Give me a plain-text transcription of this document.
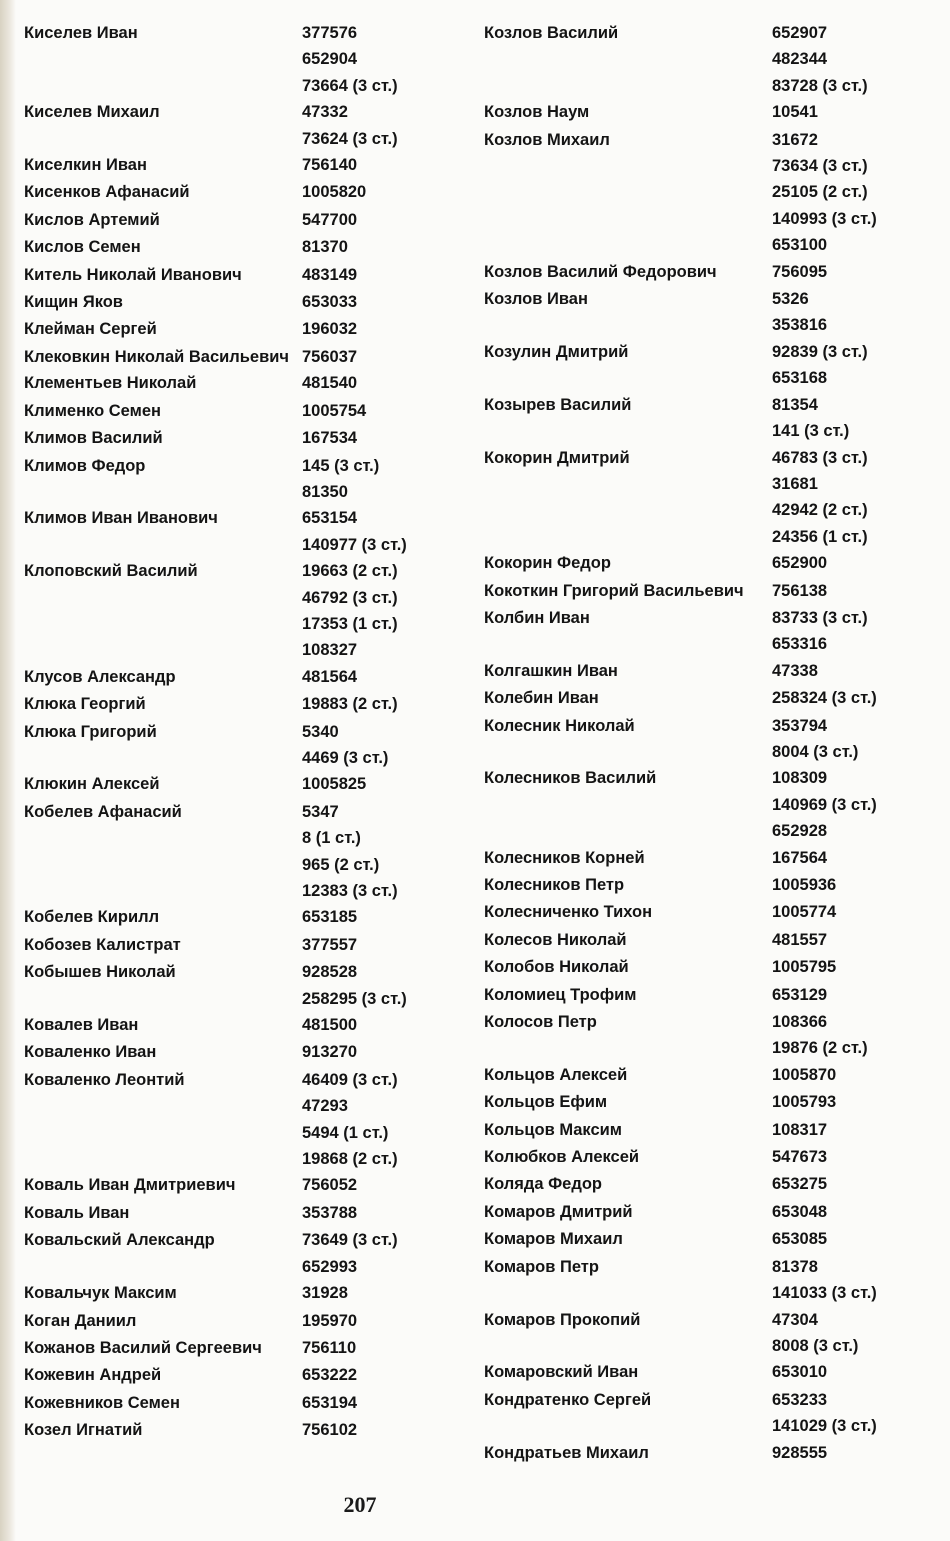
Киселев Иван	377576
652904
73664 (3 ст.)
Киселев Михаил	47332
73624 (3 ст.)
Киселкин Иван	756140
Кисенков Афанасий	1005820
Кислов Артемий	547700
Кислов Семен	81370
Китель Николай Иванович	483149
Кищин Яков	653033
Клейман Сергей	196032
Клековкин Николай Васильевич 756037
Клементьев Николай	481540
Клименко Семен	1005754
Климов Василий	167534
Климов Федор	145 (3 ст.)
81350
Климов Иван Иванович	653154
140977 (3 ст.)
Клоповский Василий	19663 (2 ст.)
46792 (3 ст.)
17353 (1 ст.)
108327
Клусов Александр	481564
Клюка Георгий	19883 (2 ст.)
Клюка Григорий	5340
4469 (3 ст.)
Клюкин Алексей	1005825
Кобелев Афанасий	5347
8 (1 ст.)
965 (2 ст.)
12383 (3 ст.)
Кобелев Кирилл	653185
Кобозев Калистрат	377557
Кобышев Николай	928528
258295 (3 ст.)
Ковалев Иван	481500
Коваленко Иван	913270
Коваленко Леонтий	46409 (3 ст.)
47293
5494 (1 ст.)
19868 (2 ст.)
Коваль Иван Дмитриевич	756052
Коваль Иван	353788
Ковальский Александр	73649 (3 ст.)
652993
Ковальчук Максим	31928
Коган Даниил	195970
Кожанов Василий Сергеевич	756110
Кожевин Андрей	653222
Кожевников Семен	653194
Козел Игнатий	756102
Козлов Василий	652907
482344
83728 (3 ст.)
Козлов Наум	10541
Козлов Михаил	31672
73634 (3 ст.)
25105 (2 ст.)
140993 (3 ст.)
653100
Козлов Василий Федорович	756095
Козлов Иван	5326
353816
Козулин Дмитрий	92839 (3 ст.)
653168
Козырев Василий	81354
141 (3 ст.)
Кокорин Дмитрий	46783 (3 ст.)
31681
42942 (2 ст.)
24356 (1 ст.)
Кокорин Федор	652900
Кокоткин Григорий Васильевич	756138
Колбин Иван	83733 (3 ст.)
653316
Колгашкин Иван	47338
Колебин Иван	258324 (3 ст.)
Колесник Николай	353794
8004 (3 ст.)
Колесников Василий	108309
140969 (3 ст.)
652928
Колесников Корней	167564
Колесников Петр	1005936
Колесниченко Тихон	1005774
Колесов Николай	481557
Колобов Николай	1005795
Коломиец Трофим	653129
Колосов Петр	108366
19876 (2 ст.)
Кольцов Алексей	1005870
Кольцов Ефим	1005793
Кольцов Максим	108317
Колюбков Алексей	547673
Коляда Федор	653275
Комаров Дмитрий	653048
Комаров Михаил	653085
Комаров Петр	81378
141033 (3 ст.)
Комаров Прокопий	47304
8008 (3 ст.)
Комаровский Иван	653010
Кондратенко Сергей	653233
141029 (3 ст.)
Кондратьев Михаил	928555
207
